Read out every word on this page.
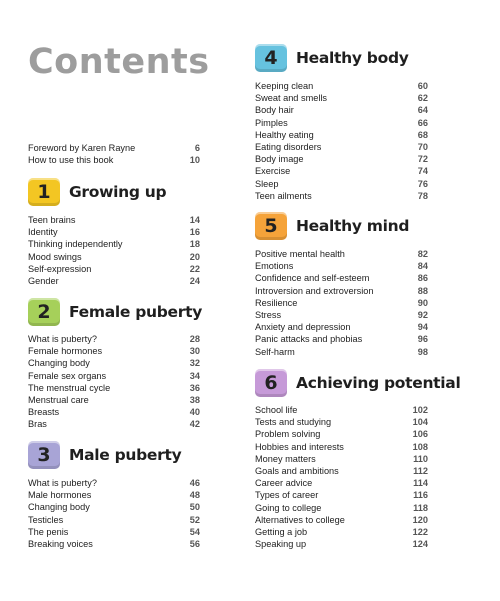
Contents
Foreword by Karen Rayne	6
How to use this book	10
1	Growing up
Teen brains	14
Identity	16
Thinking independently	18
Mood swings	20
Self-expression	22
Gender	24
2	Female puberty
What is puberty?	28
Female hormones	30
Changing body	32
Female sex organs	34
The menstrual cycle	36
Menstrual care	38
Breasts	40
Bras	42
3	Male puberty
What is puberty?	46
Male hormones	48
Changing body	50
Testicles	52
The penis	54
Breaking voices	56
4	Healthy body
Keeping clean	60
Sweat and smells	62
Body hair	64
Pimples	66
Healthy eating	68
Eating disorders	70
Body image	72
Exercise	74
Sleep	76
Teen ailments	78
5	Healthy mind
Positive mental health	82
Emotions	84
Confidence and self-esteem	86
Introversion and extroversion	88
Resilience	90
Stress	92
Anxiety and depression	94
Panic attacks and phobias	96
Self-harm	98
6	Achieving potential
School life	102
Tests and studying	104
Problem solving	106
Hobbies and interests	108
Money matters	110
Goals and ambitions	112
Career advice	114
Types of career	116
Going to college	118
Alternatives to college	120
Getting a job	122
Speaking up	124
